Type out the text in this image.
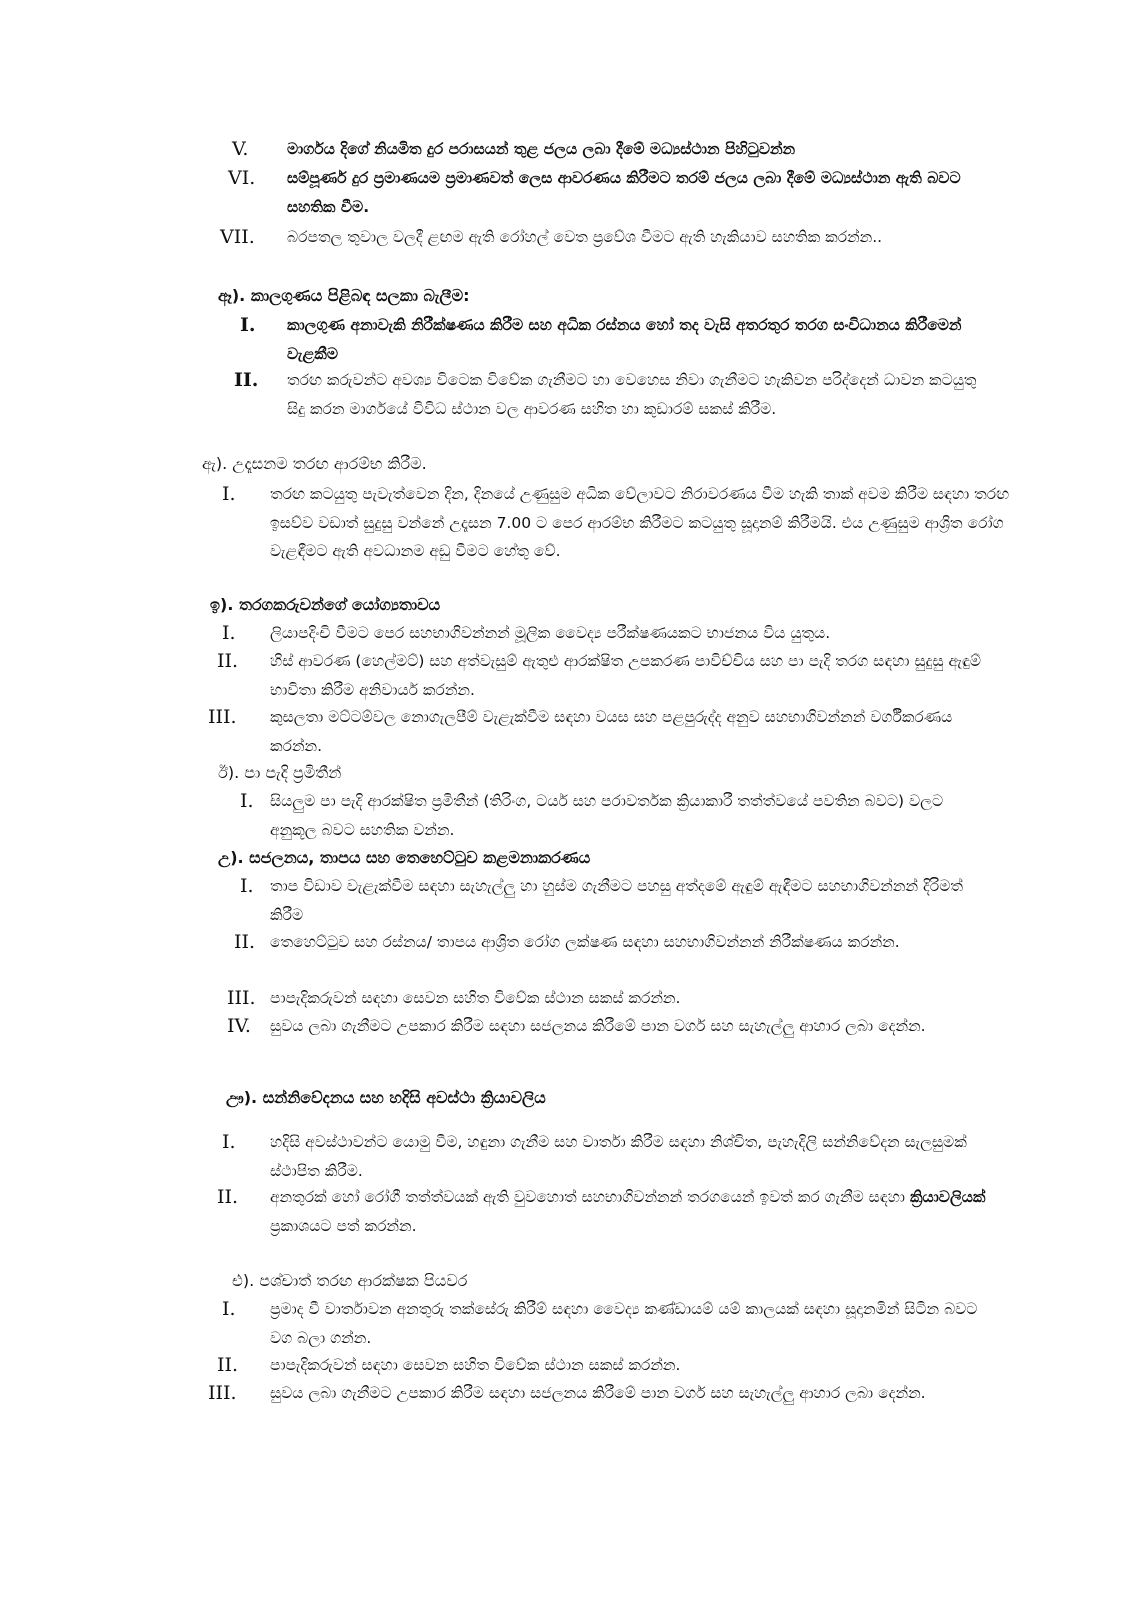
V. මාර්ගය දිගේ නියමිත දුර පරාසයන් තුළ ජලය ලබා දීමේ මධ්‍යස්ථාන පිහිටුවන්න
VI. සම්පූර්ණ දුර ප්‍රමාණයම ප්‍රමාණවත් ලෙස ආවරණය කිරීමට තරම් ජලය ලබා දීමේ මධ්‍යස්ථාන ඇති බවට සහතික වීම.
VII. බරපතල තුවාල වලදී ළඟම ඇති රෝහල් වෙත ප්‍රවේශ වීමට ඇති හැකියාව සහතික කරන්න..
ඈ). කාලගුණය පිළිබඳ සලකා බැලීම:
I. කාලගුණ අනාවැකි නිරීක්ෂණය කිරීම සහ අධික රස්නය හෝ තද වැසි අතරතුර තරග සංවිධානය කිරීමෙන් වැළකීම
II. තරඟ කරුවන්ට අවශ්‍ය විටෙක විවේක ගැනීමට හා වෙහෙස නිවා ගැනීමට හැකිවන පරිද්දෙන් ධාවන කටයුතු සිදු කරන මාර්ගයේ විවිධ ස්ථාන වල ආවරණ සහිත හා කුඩාරම් සකස් කිරීම.
ඇ). උදෑසනම තරඟ ආරම්භ කිරීම.
I. තරඟ කටයුතු පැවැත්වෙන දින, දිනයේ උණුසුම අධික වේලාවට නිරාවරණය වීම හැකි තාක් අවම කිරීම සඳහා තරඟ ඉසව්ව වඩාත් සුදුසු වන්නේ උදෑසන 7.00 ට පෙර ආරම්භ කිරීමට කටයුතු සූදානම් කිරීමයි. එය උණුසුම ආශ්‍රිත රෝග වැළඳීමට ඇති අවධානම අඩු වීමට හේතු වේ.
ඉ). තරගකරුවන්ගේ යෝග්‍යතාවය
I. ලියාපදිංචි වීමට පෙර සහභාගිවන්නන් මූලික වෛද්‍ය පරීක්ෂණයකට භාජනය විය යුතුය.
II. හිස් ආවරණ (හෙල්මට්) සහ අත්වැසුම් ඇතුළු ආරක්ෂිත උපකරණ පාවිච්චිය සහ පා පැදි තරග සඳහා සුදුසු ඇඳුම් භාවිතා කිරීම අනිවාර්ය කරන්න.
III. කුසලතා මට්ටම්වල නොගැලපීම් වැළැක්වීම සඳහා වයස සහ පළපුරුද්ද අනුව සහභාගිවන්නන් වර්ගීකරණය කරන්න.
ඊ). පා පැදි ප්‍රමිතීන්
I. සියලුම පා පැදි ආරක්ෂිත ප්‍රමිතීන් (තිරිංග, ටයර් සහ පරාවර්තක ක්‍රියාකාරී තත්ත්වයේ පවතින බවට) වලට අනුකූල බවට සහතික වන්න.
උ). සජලනය, තාපය සහ තෙහෙට්ටුව කළමනාකරණය
I. තාප විඩාව වැළැක්වීම සඳහා සැහැල්ලු හා හුස්ම ගැනීමට පහසු අත්දමේ ඇඳුම් ඇඳීමට සහභාගිවන්නන් දිරිමත් කිරීම
II. තෙහෙට්ටුව සහ රස්නය/ තාපය ආශ්‍රිත රෝග ලක්ෂණ සඳහා සහභාගිවන්නන් නිරීක්ෂණය කරන්න.
III. පාපැදිකරුවන් සඳහා සෙවන සහිත විවේක ස්ථාන සකස් කරන්න.
IV. සුවය ලබා ගැනීමට උපකාර කිරීම සඳහා සජලනය කිරීමේ පාන වර්ග සහ සැහැල්ලු ආහාර ලබා දෙන්න.
ඌ). සන්නිවේදනය සහ හදිසි අවස්ථා ක්‍රියාවලිය
I. හදිසි අවස්ථාවන්ට යොමු වීම, හඳුනා ගැනීම සහ වාර්තා කිරීම සඳහා නිශ්චිත, පැහැදිලි සන්නිවේදන සැලසුමක් ස්ථාපිත කිරීම.
II. අනතුරක් හෝ රෝගී තත්ත්වයක් ඇති වුවහොත් සහභාගිවන්නන් තරගයෙන් ඉවත් කර ගැනීම සඳහා ක්‍රියාවලියක් ප්‍රකාශයට පත් කරන්න.
එ). පශ්චාත් තරඟ ආරක්ෂක පියවර
I. ප්‍රමාද වී වාර්තාවන අනතුරු තක්සේරු කිරීම් සඳහා වෛද්‍ය කණ්ඩායම් යම් කාලයක් සඳහා සූදානමින් සිටින බවට වග බලා ගන්න.
II. පාපැදිකරුවන් සඳහා සෙවන සහිත විවේක ස්ථාන සකස් කරන්න.
III. සුවය ලබා ගැනීමට උපකාර කිරීම සඳහා සජලනය කිරීමේ පාන වර්ග සහ සැහැල්ලු ආහාර ලබා දෙන්න.
